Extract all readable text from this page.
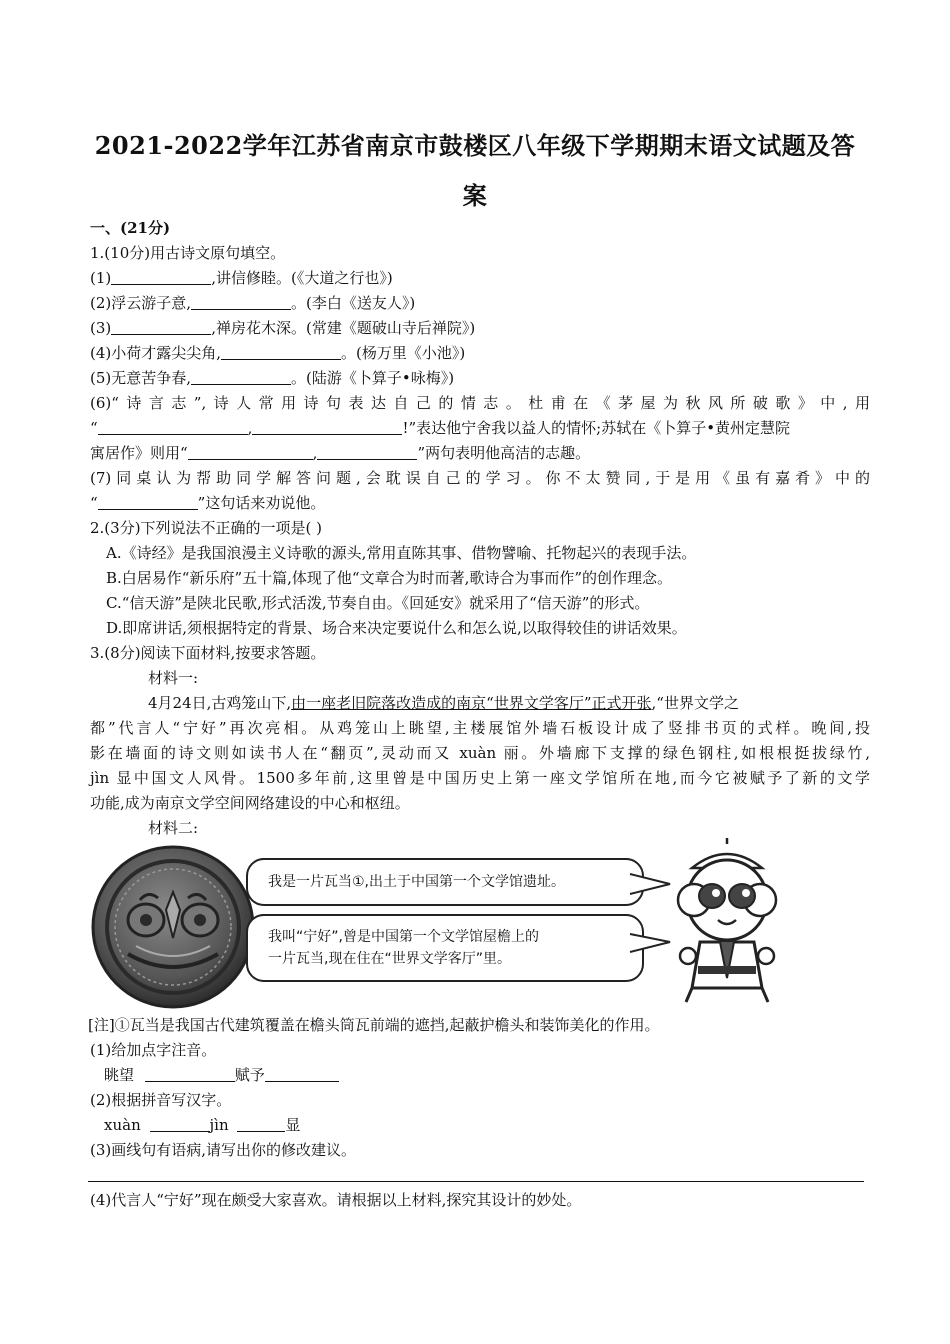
2021-2022学年江苏省南京市鼓楼区八年级下学期期末语文试题及答
案
一、(21分)
1.(10分)用古诗文原句填空。
(1)	,讲信修睦。(《大道之行也》)
(2)浮云游子意,	。(李白《送友人》)
(3)	,禅房花木深。(常建《题破山寺后禅院》)
(4)小荷才露尖尖角,	。(杨万里《小池》)
(5)无意苦争春,	。(陆游《卜算子•咏梅》)
(6)“诗言志”,诗人常用诗句表达自己的情志。杜甫在《茅屋为秋风所破歌》中,用
“	,	!”表达他宁舍我以益人的情怀;苏轼在《卜算子•黄州定慧院
寓居作》则用“	,	”两句表明他高洁的志趣。
(7)同桌认为帮助同学解答问题,会耽误自己的学习。你不太赞同,于是用《虽有嘉肴》中的
“	”这句话来劝说他。
2.(3分)下列说法不正确的一项是( )
A.《诗经》是我国浪漫主义诗歌的源头,常用直陈其事、借物譬喻、托物起兴的表现手法。
B.白居易作“新乐府”五十篇,体现了他“文章合为时而著,歌诗合为事而作”的创作理念。
C.“信天游”是陕北民歌,形式活泼,节奏自由。《回延安》就采用了“信天游”的形式。
D.即席讲话,须根据特定的背景、场合来决定要说什么和怎么说,以取得较佳的讲话效果。
3.(8分)阅读下面材料,按要求答题。
材料一:
4月24日,古鸡笼山下,由一座老旧院落改造成的南京“世界文学客厅”正式开张,“世界文学之
都”代言人“宁好”再次亮相。从鸡笼山上眺望,主楼展馆外墙石板设计成了竖排书页的式样。晚间,投
影在墙面的诗文则如读书人在“翻页”,灵动而又 xuàn 丽。外墙廊下支撑的绿色钢柱,如根根挺拔绿竹,
jìn 显中国文人风骨。1500多年前,这里曾是中国历史上第一座文学馆所在地,而今它被赋予了新的文学
功能,成为南京文学空间网络建设的中心和枢纽。
材料二:
我是一片瓦当①,出土于中国第一个文学馆遗址。
我叫“宁好”,曾是中国第一个文学馆屋檐上的
一片瓦当,现在住在“世界文学客厅”里。
[注]①瓦当是我国古代建筑覆盖在檐头筒瓦前端的遮挡,起蔽护檐头和装饰美化的作用。
(1)给加点字注音。
眺望	赋予
(2)根据拼音写汉字。
xuàn	jìn	显
(3)画线句有语病,请写出你的修改建议。
(4)代言人“宁好”现在颇受大家喜欢。请根据以上材料,探究其设计的妙处。
